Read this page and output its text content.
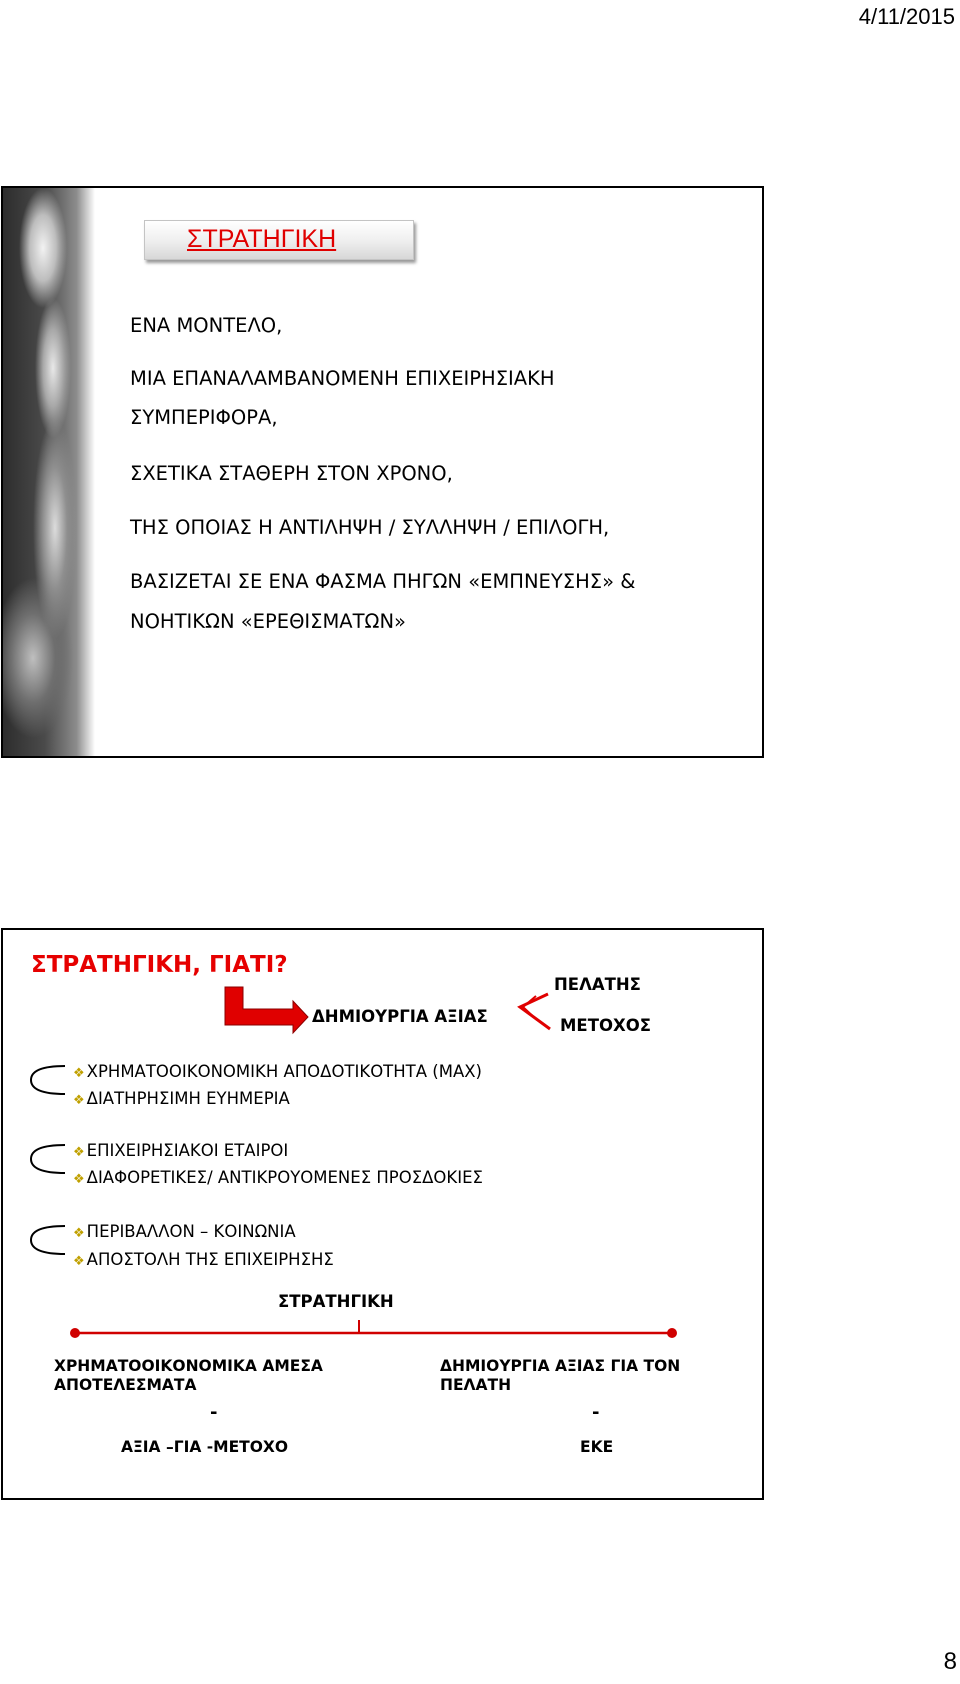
4/11/2015
ΣΤΡΑΤΗΓΙΚΗ
ΕΝΑ ΜΟΝΤΕΛΟ,
ΜΙΑ ΕΠΑΝΑΛΑΜΒΑΝΟΜΕΝΗ ΕΠΙΧΕΙΡΗΣΙΑΚΗ
ΣΥΜΠΕΡΙΦΟΡΑ,
ΣΧΕΤΙΚΑ ΣΤΑΘΕΡΗ ΣΤΟΝ ΧΡΟΝΟ,
ΤΗΣ ΟΠΟΙΑΣ Η ΑΝΤΙΛΗΨΗ / ΣΥΛΛΗΨΗ / ΕΠΙΛΟΓΗ,
ΒΑΣΙΖΕΤΑΙ ΣΕ ΕΝΑ ΦΑΣΜΑ ΠΗΓΩΝ «ΕΜΠΝΕΥΣΗΣ» &
ΝΟΗΤΙΚΩΝ «ΕΡΕΘΙΣΜΑΤΩΝ»
ΣΤΡΑΤΗΓΙΚΗ, ΓΙΑΤΙ?
ΔΗΜΙΟΥΡΓΙΑ ΑΞΙΑΣ
ΠΕΛΑΤΗΣ
ΜΕΤΟΧΟΣ
❖ ΧΡΗΜΑΤΟΟΙΚΟΝΟΜΙΚΗ ΑΠΟΔΟΤΙΚΟΤΗΤΑ (ΜΑΧ)
❖ ΔΙΑΤΗΡΗΣΙΜΗ ΕΥΗΜΕΡΙΑ
❖ ΕΠΙΧΕΙΡΗΣΙΑΚΟΙ ΕΤΑΙΡΟΙ
❖ ΔΙΑΦΟΡΕΤΙΚΕΣ/ ΑΝΤΙΚΡΟΥΟΜΕΝΕΣ ΠΡΟΣΔΟΚΙΕΣ
❖ ΠΕΡΙΒΑΛΛΟΝ – ΚΟΙΝΩΝΙΑ
❖ ΑΠΟΣΤΟΛΗ ΤΗΣ ΕΠΙΧΕΙΡΗΣΗΣ
ΣΤΡΑΤΗΓΙΚΗ
ΧΡΗΜΑΤΟΟΙΚΟΝΟΜΙΚΑ ΑΜΕΣΑ
ΑΠΟΤΕΛΕΣΜΑΤΑ
ΔΗΜΙΟΥΡΓΙΑ ΑΞΙΑΣ ΓΙΑ ΤΟΝ
ΠΕΛΑΤΗ
-	-
ΑΞΙΑ –ΓΙΑ -ΜΕΤΟΧΟ	ΕΚΕ
8
